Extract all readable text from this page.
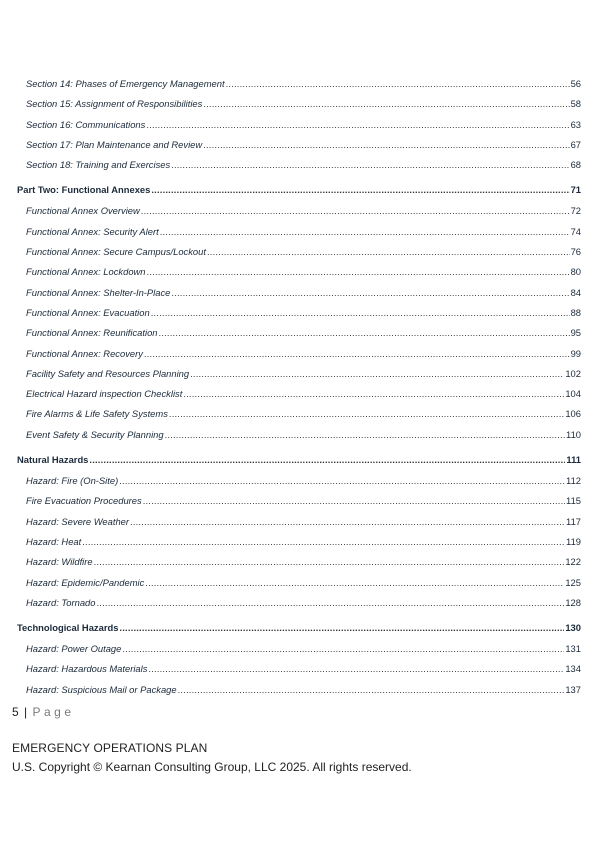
Section 14: Phases of Emergency Management .....	56
Section 15: Assignment of Responsibilities .....	58
Section 16: Communications .....	63
Section 17: Plan Maintenance and Review .....	67
Section 18: Training and Exercises .....	68
Part Two: Functional Annexes .....	71
Functional Annex Overview .....	72
Functional Annex: Security Alert .....	74
Functional Annex: Secure Campus/Lockout .....	76
Functional Annex: Lockdown .....	80
Functional Annex: Shelter-In-Place .....	84
Functional Annex: Evacuation .....	88
Functional Annex: Reunification .....	95
Functional Annex: Recovery .....	99
Facility Safety and Resources Planning .....	102
Electrical Hazard inspection Checklist .....	104
Fire Alarms & Life Safety Systems .....	106
Event Safety & Security Planning .....	110
Natural Hazards .....	111
Hazard: Fire (On-Site) .....	112
Fire Evacuation Procedures .....	115
Hazard: Severe Weather .....	117
Hazard: Heat .....	119
Hazard: Wildfire .....	122
Hazard: Epidemic/Pandemic .....	125
Hazard: Tornado .....	128
Technological Hazards .....	130
Hazard: Power Outage .....	131
Hazard: Hazardous Materials .....	134
Hazard: Suspicious Mail or Package .....	137
5 | Page
EMERGENCY OPERATIONS PLAN
U.S. Copyright © Kearnan Consulting Group, LLC 2025. All rights reserved.
